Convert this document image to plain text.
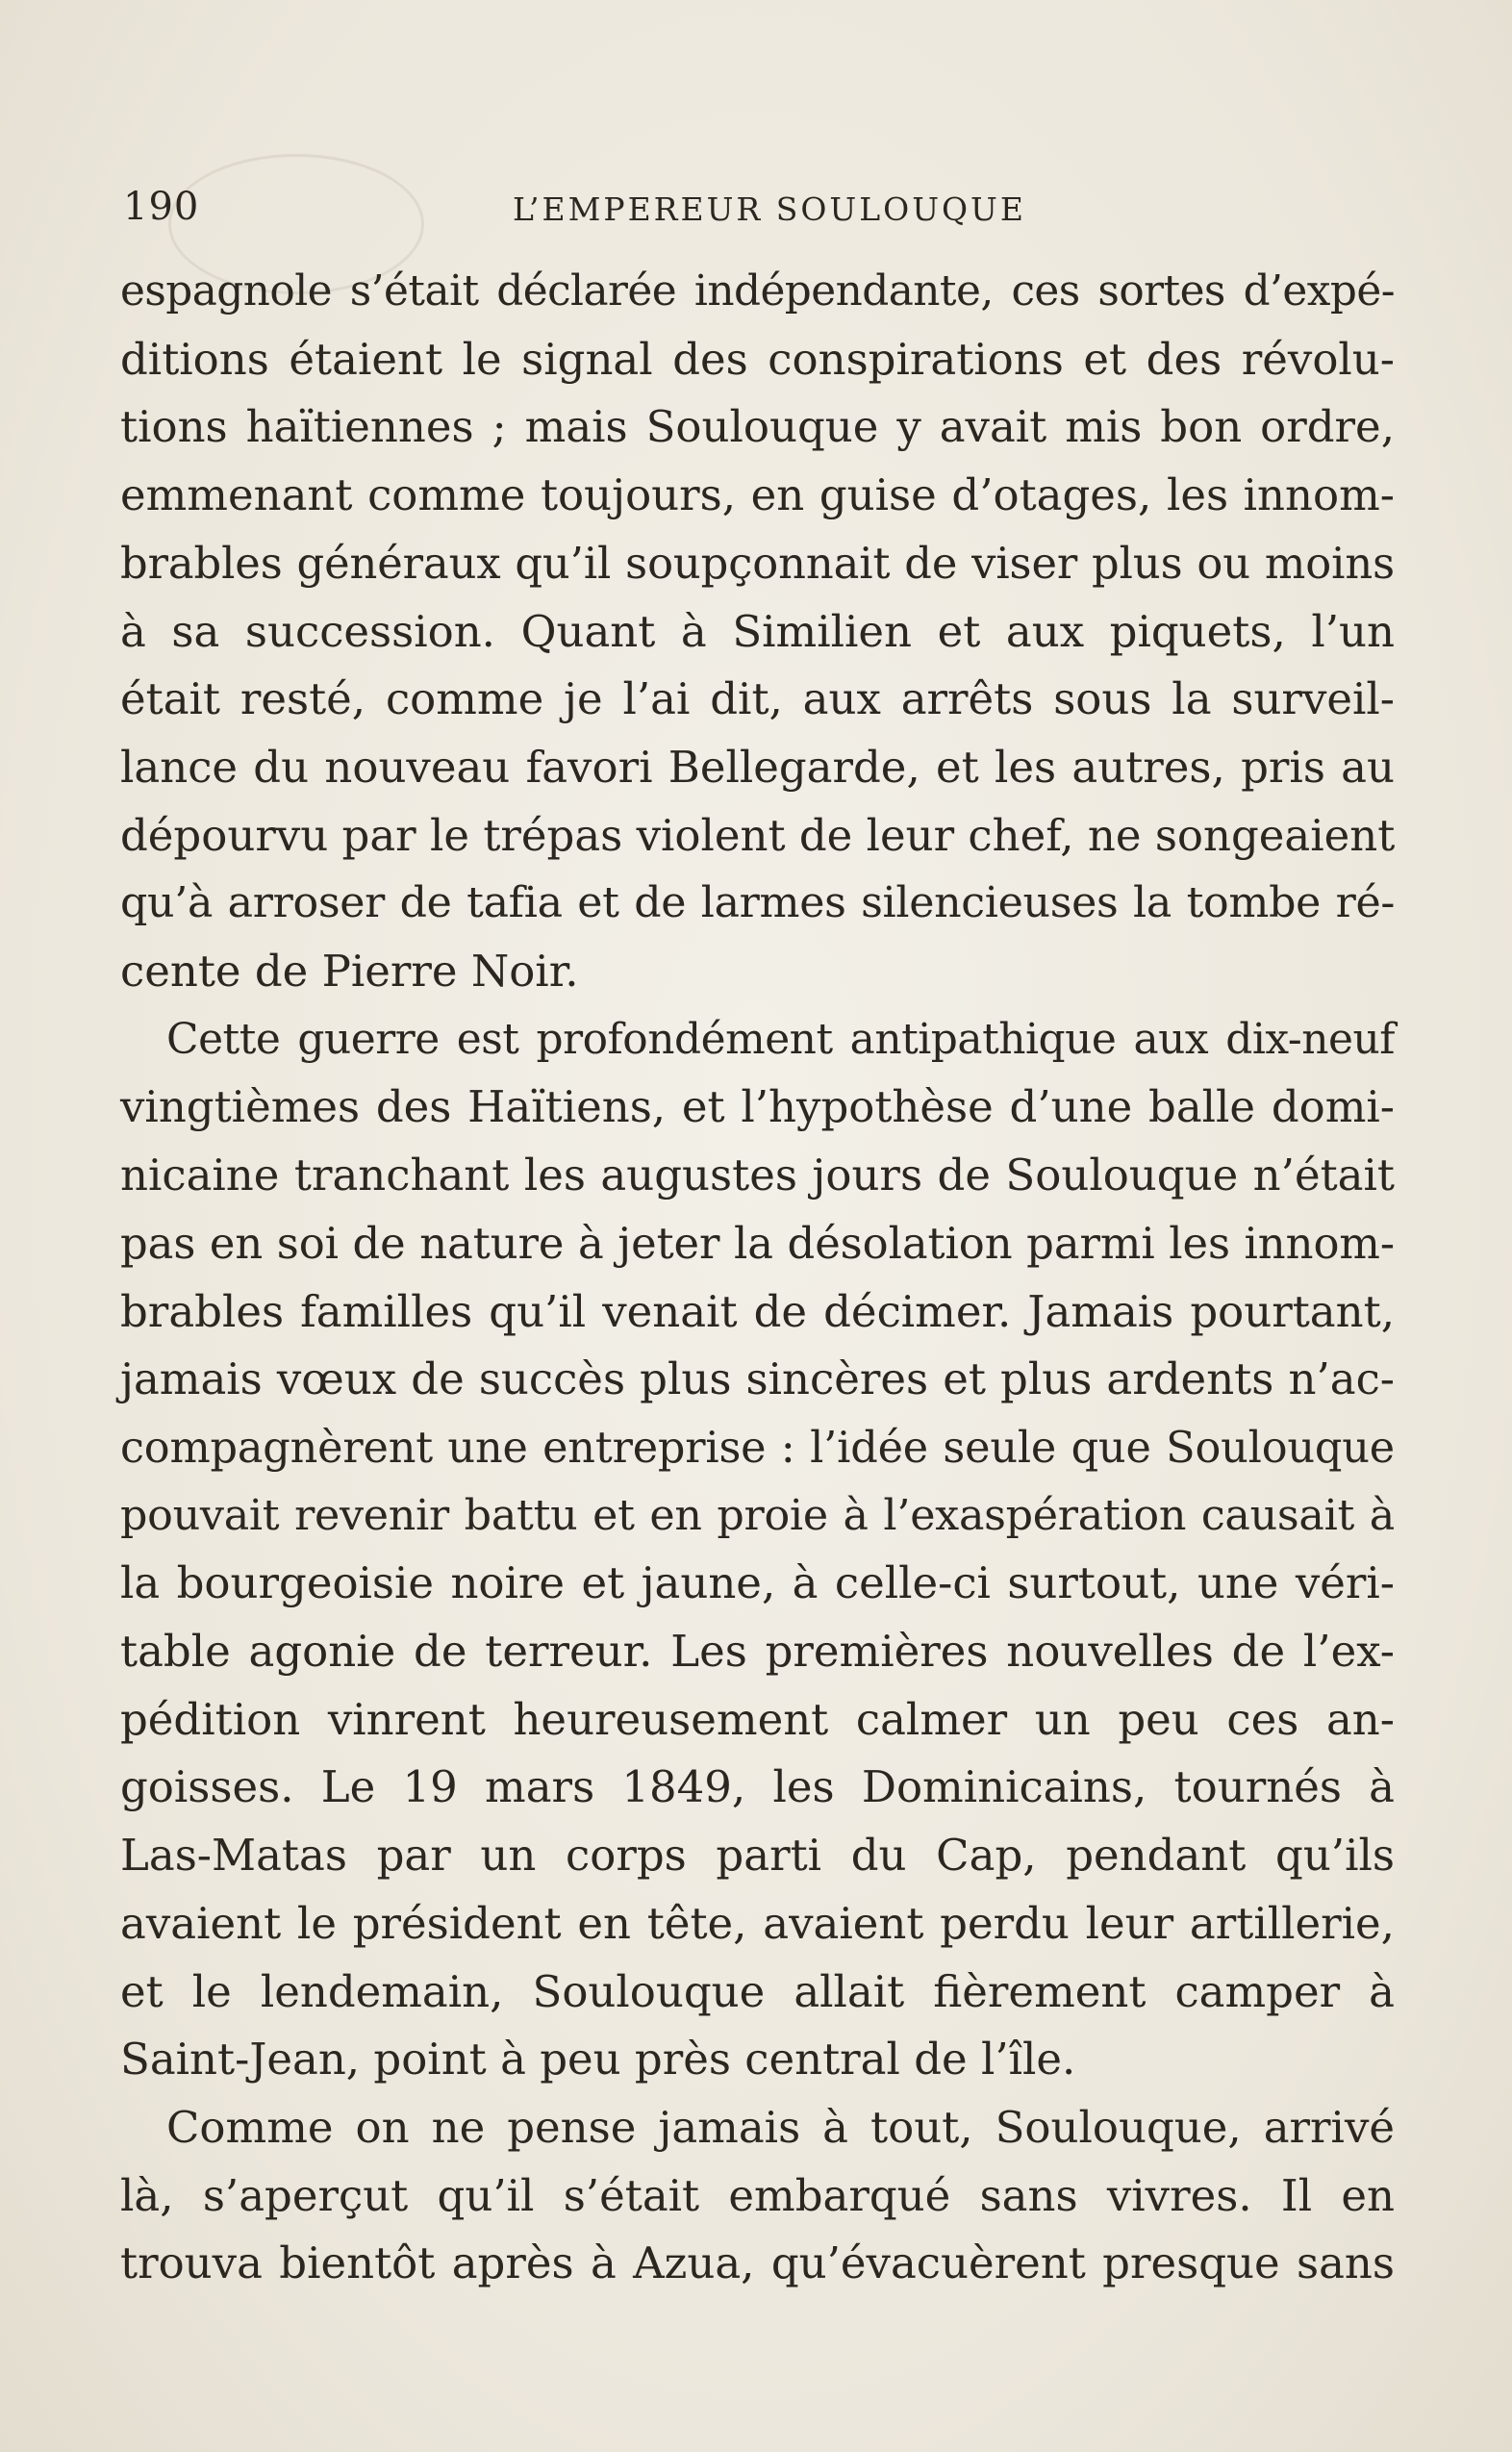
190	L’EMPEREUR SOULOUQUE
espagnole s’était déclarée indépendante, ces sortes d’expé-
ditions étaient le signal des conspirations et des révolu-
tions haïtiennes ; mais Soulouque y avait mis bon ordre,
emmenant comme toujours, en guise d’otages, les innom-
brables généraux qu’il soupçonnait de viser plus ou moins
à sa succession. Quant à Similien et aux piquets, l’un
était resté, comme je l’ai dit, aux arrêts sous la surveil-
lance du nouveau favori Bellegarde, et les autres, pris au
dépourvu par le trépas violent de leur chef, ne songeaient
qu’à arroser de tafia et de larmes silencieuses la tombe ré-
cente de Pierre Noir.
Cette guerre est profondément antipathique aux dix-neuf
vingtièmes des Haïtiens, et l’hypothèse d’une balle domi-
nicaine tranchant les augustes jours de Soulouque n’était
pas en soi de nature à jeter la désolation parmi les innom-
brables familles qu’il venait de décimer. Jamais pourtant,
jamais vœux de succès plus sincères et plus ardents n’ac-
compagnèrent une entreprise : l’idée seule que Soulouque
pouvait revenir battu et en proie à l’exaspération causait à
la bourgeoisie noire et jaune, à celle-ci surtout, une véri-
table agonie de terreur. Les premières nouvelles de l’ex-
pédition vinrent heureusement calmer un peu ces an-
goisses. Le 19 mars 1849, les Dominicains, tournés à
Las-Matas par un corps parti du Cap, pendant qu’ils
avaient le président en tête, avaient perdu leur artillerie,
et le lendemain, Soulouque allait fièrement camper à
Saint-Jean, point à peu près central de l’île.
Comme on ne pense jamais à tout, Soulouque, arrivé
là, s’aperçut qu’il s’était embarqué sans vivres. Il en
trouva bientôt après à Azua, qu’évacuèrent presque sans
